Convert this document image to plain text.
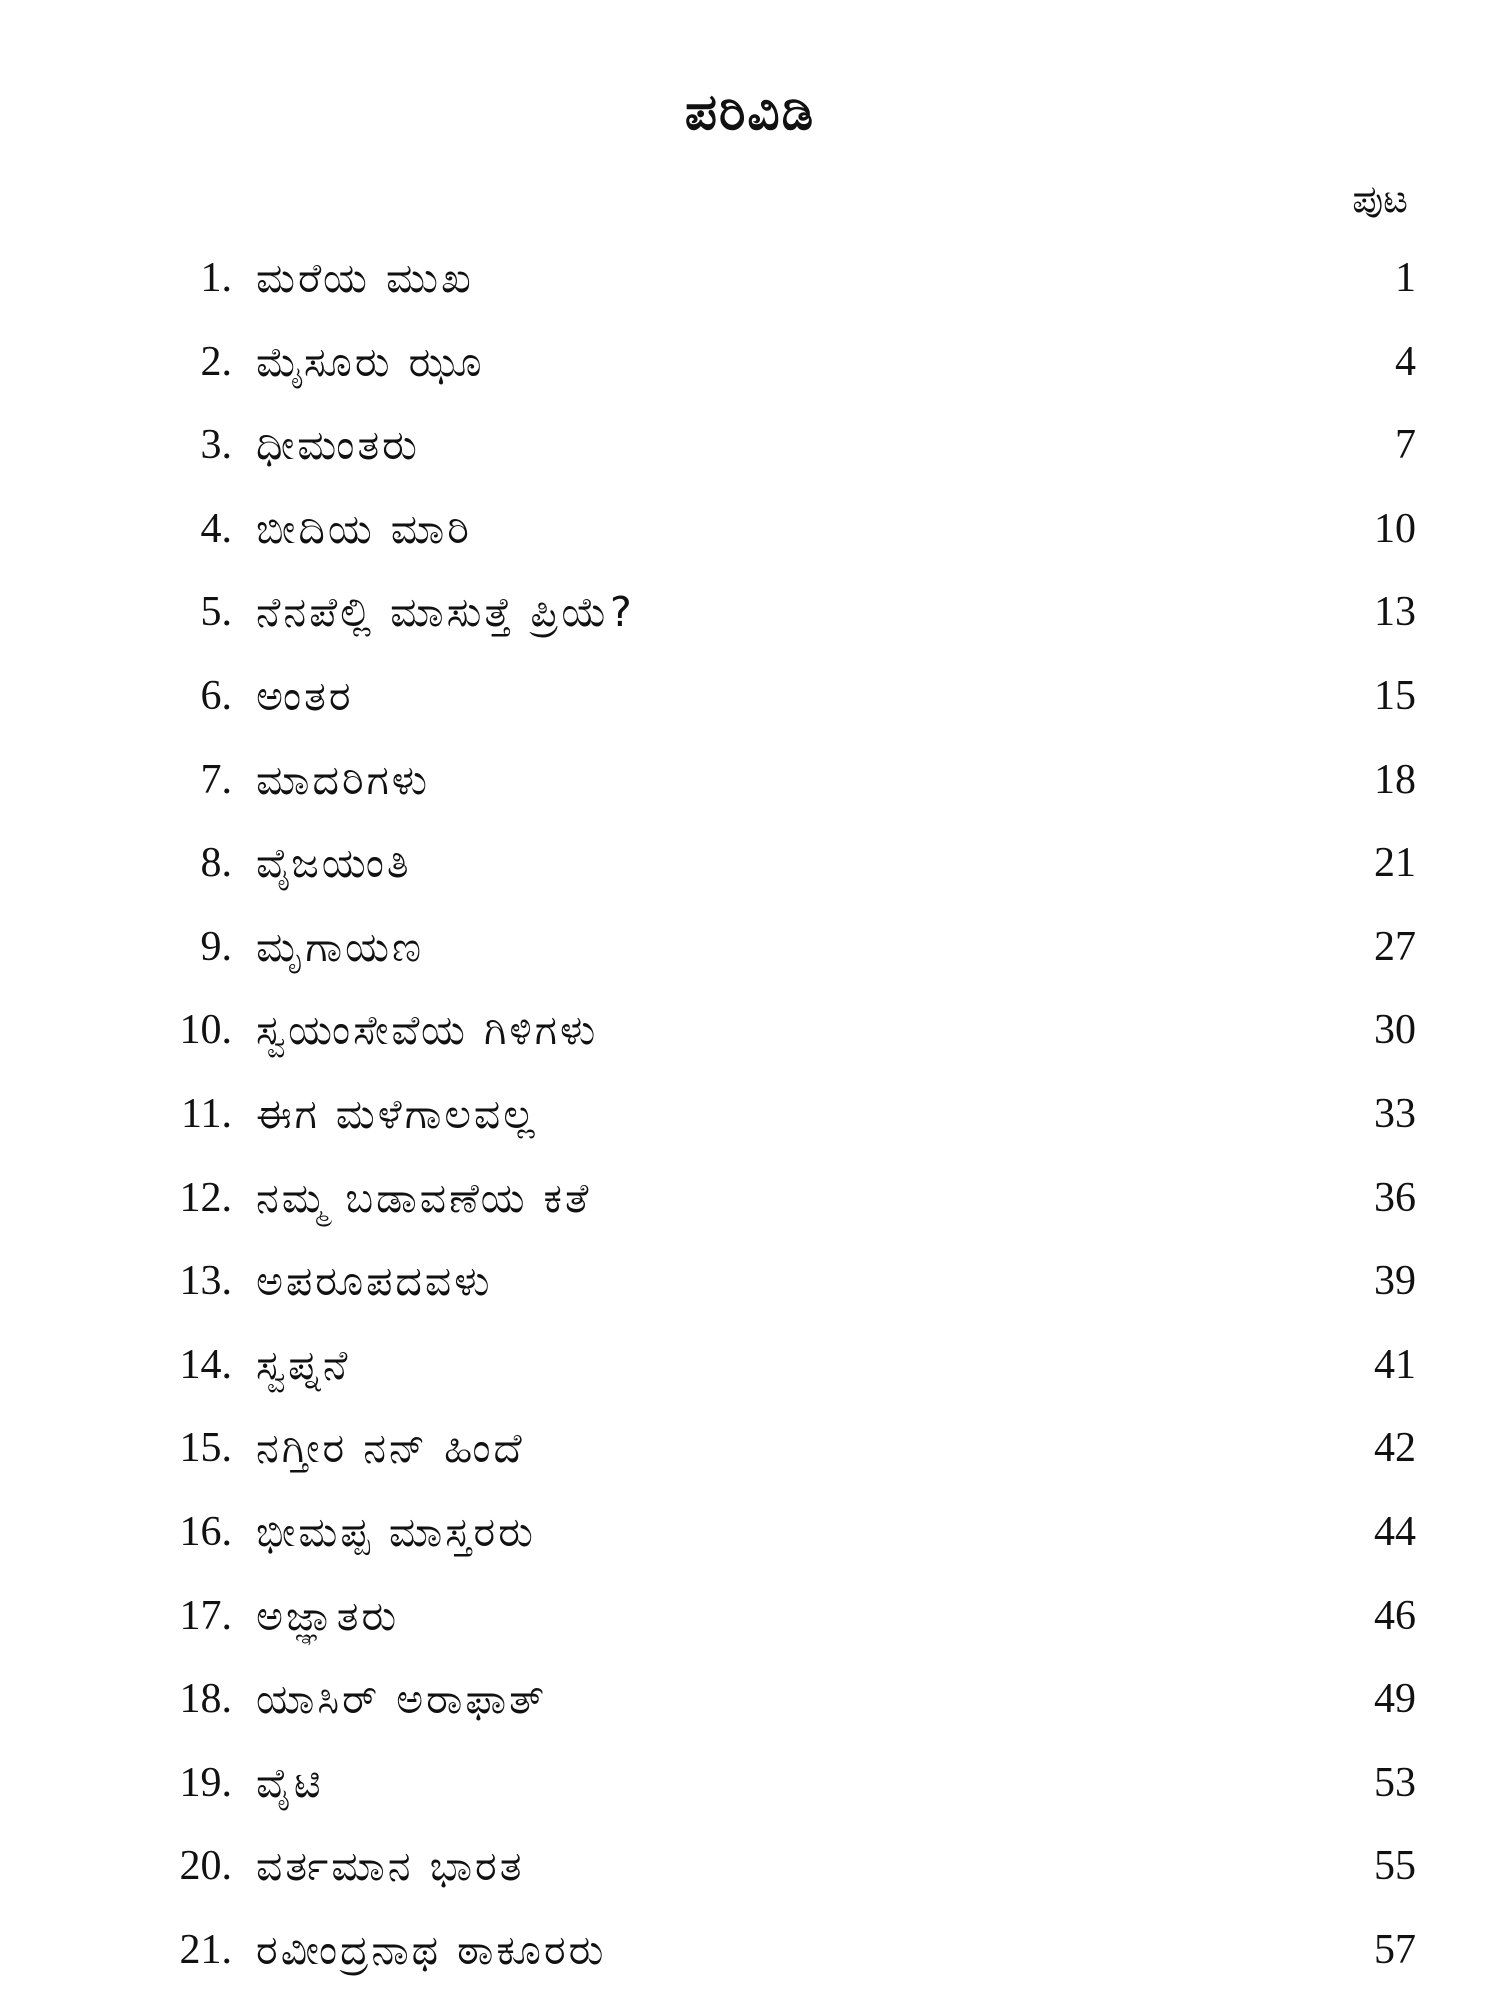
ಪರಿವಿಡಿ
ಪುಟ
1. ಮರೆಯ ಮುಖ	1
2. ಮೈಸೂರು ಝೂ	4
3. ಧೀಮಂತರು	7
4. ಬೀದಿಯ ಮಾರಿ	10
5. ನೆನಪೆಲ್ಲಿ ಮಾಸುತ್ತೆ ಪ್ರಿಯೆ?	13
6. ಅಂತರ	15
7. ಮಾದರಿಗಳು	18
8. ವೈಜಯಂತಿ	21
9. ಮೃಗಾಯಣ	27
10. ಸ್ವಯಂಸೇವೆಯ ಗಿಳಿಗಳು	30
11. ಈಗ ಮಳೆಗಾಲವಲ್ಲ	33
12. ನಮ್ಮ ಬಡಾವಣೆಯ ಕತೆ	36
13. ಅಪರೂಪದವಳು	39
14. ಸ್ವಪ್ನನೆ	41
15. ನಗ್ತೀರ ನನ್ ಹಿಂದೆ	42
16. ಭೀಮಪ್ಪ ಮಾಸ್ತರರು	44
17. ಅಜ್ಞಾತರು	46
18. ಯಾಸಿರ್ ಅರಾಫಾತ್	49
19. ವೈಟಿ	53
20. ವರ್ತಮಾನ ಭಾರತ	55
21. ರವೀಂದ್ರನಾಥ ಠಾಕೂರರು	57
